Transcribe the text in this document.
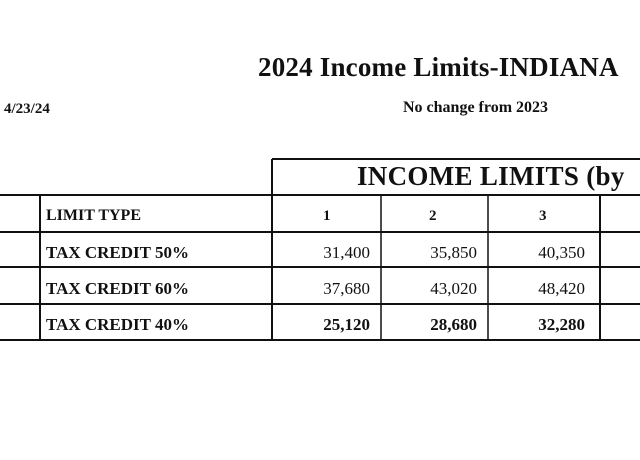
2024 Income Limits-INDIANA
4/23/24	No change from 2023
INCOME LIMITS (by
LIMIT TYPE	1	2	3
TAX CREDIT 50%	31,400	35,850	40,350
TAX CREDIT 60%	37,680	43,020	48,420
TAX CREDIT 40%	25,120	28,680	32,280
